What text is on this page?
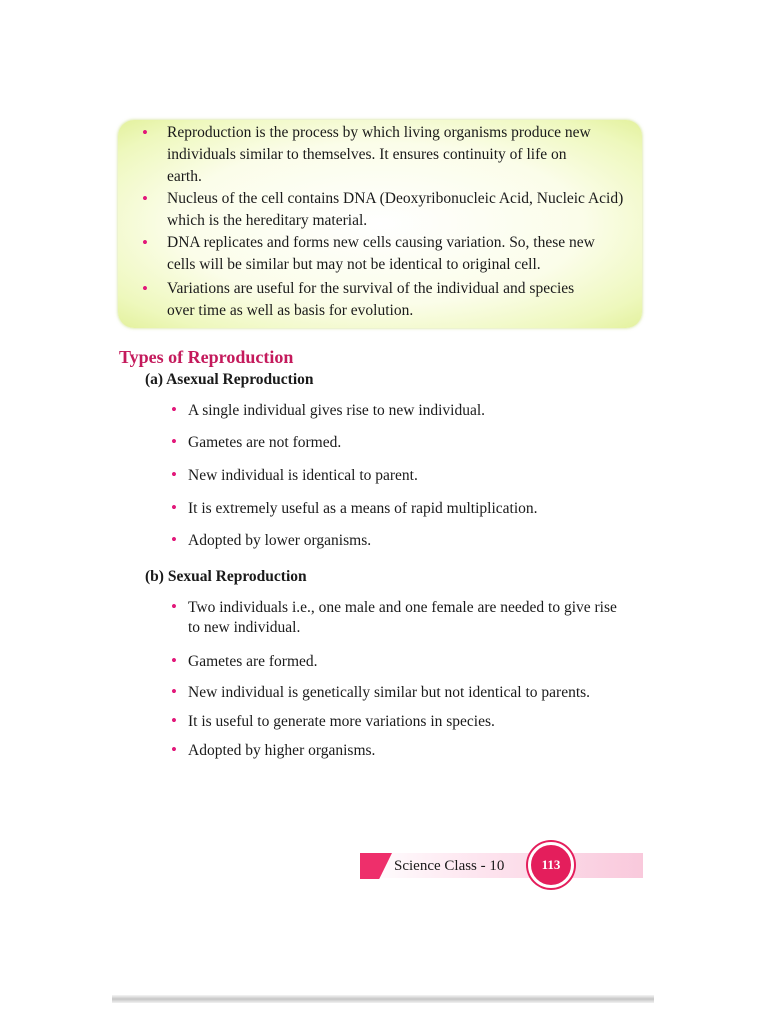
• Reproduction is the process by which living organisms produce new
individuals similar to themselves. It ensures continuity of life on
earth.
• Nucleus of the cell contains DNA (Deoxyribonucleic Acid, Nucleic Acid)
which is the hereditary material.
• DNA replicates and forms new cells causing variation. So, these new
cells will be similar but may not be identical to original cell.
• Variations are useful for the survival of the individual and species
over time as well as basis for evolution.
Types of Reproduction
(a) Asexual Reproduction
• A single individual gives rise to new individual.
• Gametes are not formed.
• New individual is identical to parent.
• It is extremely useful as a means of rapid multiplication.
• Adopted by lower organisms.
(b) Sexual Reproduction
• Two individuals i.e., one male and one female are needed to give rise
to new individual.
• Gametes are formed.
• New individual is genetically similar but not identical to parents.
• It is useful to generate more variations in species.
• Adopted by higher organisms.
Science Class - 10	113
